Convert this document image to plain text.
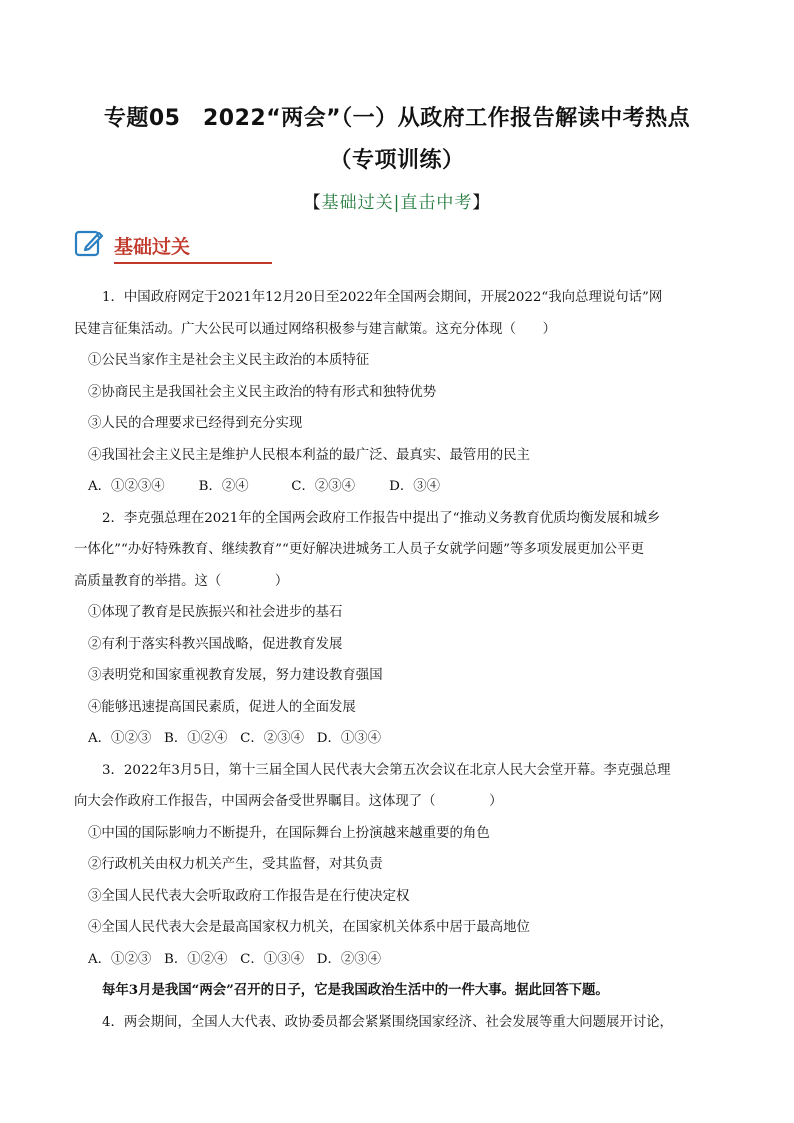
专题05　2022“两会”（一）从政府工作报告解读中考热点
（专项训练）
【基础过关|直击中考】
基础过关

1．中国政府网定于2021年12月20日至2022年全国两会期间，开展2022“我向总理说句话”网

民建言征集活动。广大公民可以通过网络积极参与建言献策。这充分体现（　　）

①公民当家作主是社会主义民主政治的本质特征

②协商民主是我国社会主义民主政治的特有形式和独特优势

③人民的合理要求已经得到充分实现

④我国社会主义民主是维护人民根本利益的最广泛、最真实、最管用的民主

A．①②③④        B．②④          C．②③④        D．③④

2．李克强总理在2021年的全国两会政府工作报告中提出了“推动义务教育优质均衡发展和城乡

一体化”“办好特殊教育、继续教育”“更好解决进城务工人员子女就学问题”等多项发展更加公平更

高质量教育的举措。这（　　　　）

①体现了教育是民族振兴和社会进步的基石

②有利于落实科教兴国战略，促进教育发展

③表明党和国家重视教育发展，努力建设教育强国

④能够迅速提高国民素质，促进人的全面发展

A．①②③   B．①②④   C．②③④   D．①③④

3．2022年3月5日，第十三届全国人民代表大会第五次会议在北京人民大会堂开幕。李克强总理

向大会作政府工作报告，中国两会备受世界瞩目。这体现了（　　　　）

①中国的国际影响力不断提升，在国际舞台上扮演越来越重要的角色

②行政机关由权力机关产生，受其监督，对其负责

③全国人民代表大会听取政府工作报告是在行使决定权

④全国人民代表大会是最高国家权力机关，在国家机关体系中居于最高地位

A．①②③   B．①②④   C．①③④   D．②③④

每年3月是我国“两会”召开的日子，它是我国政治生活中的一件大事。据此回答下题。

4．两会期间，全国人大代表、政协委员都会紧紧围绕国家经济、社会发展等重大问题展开讨论，
